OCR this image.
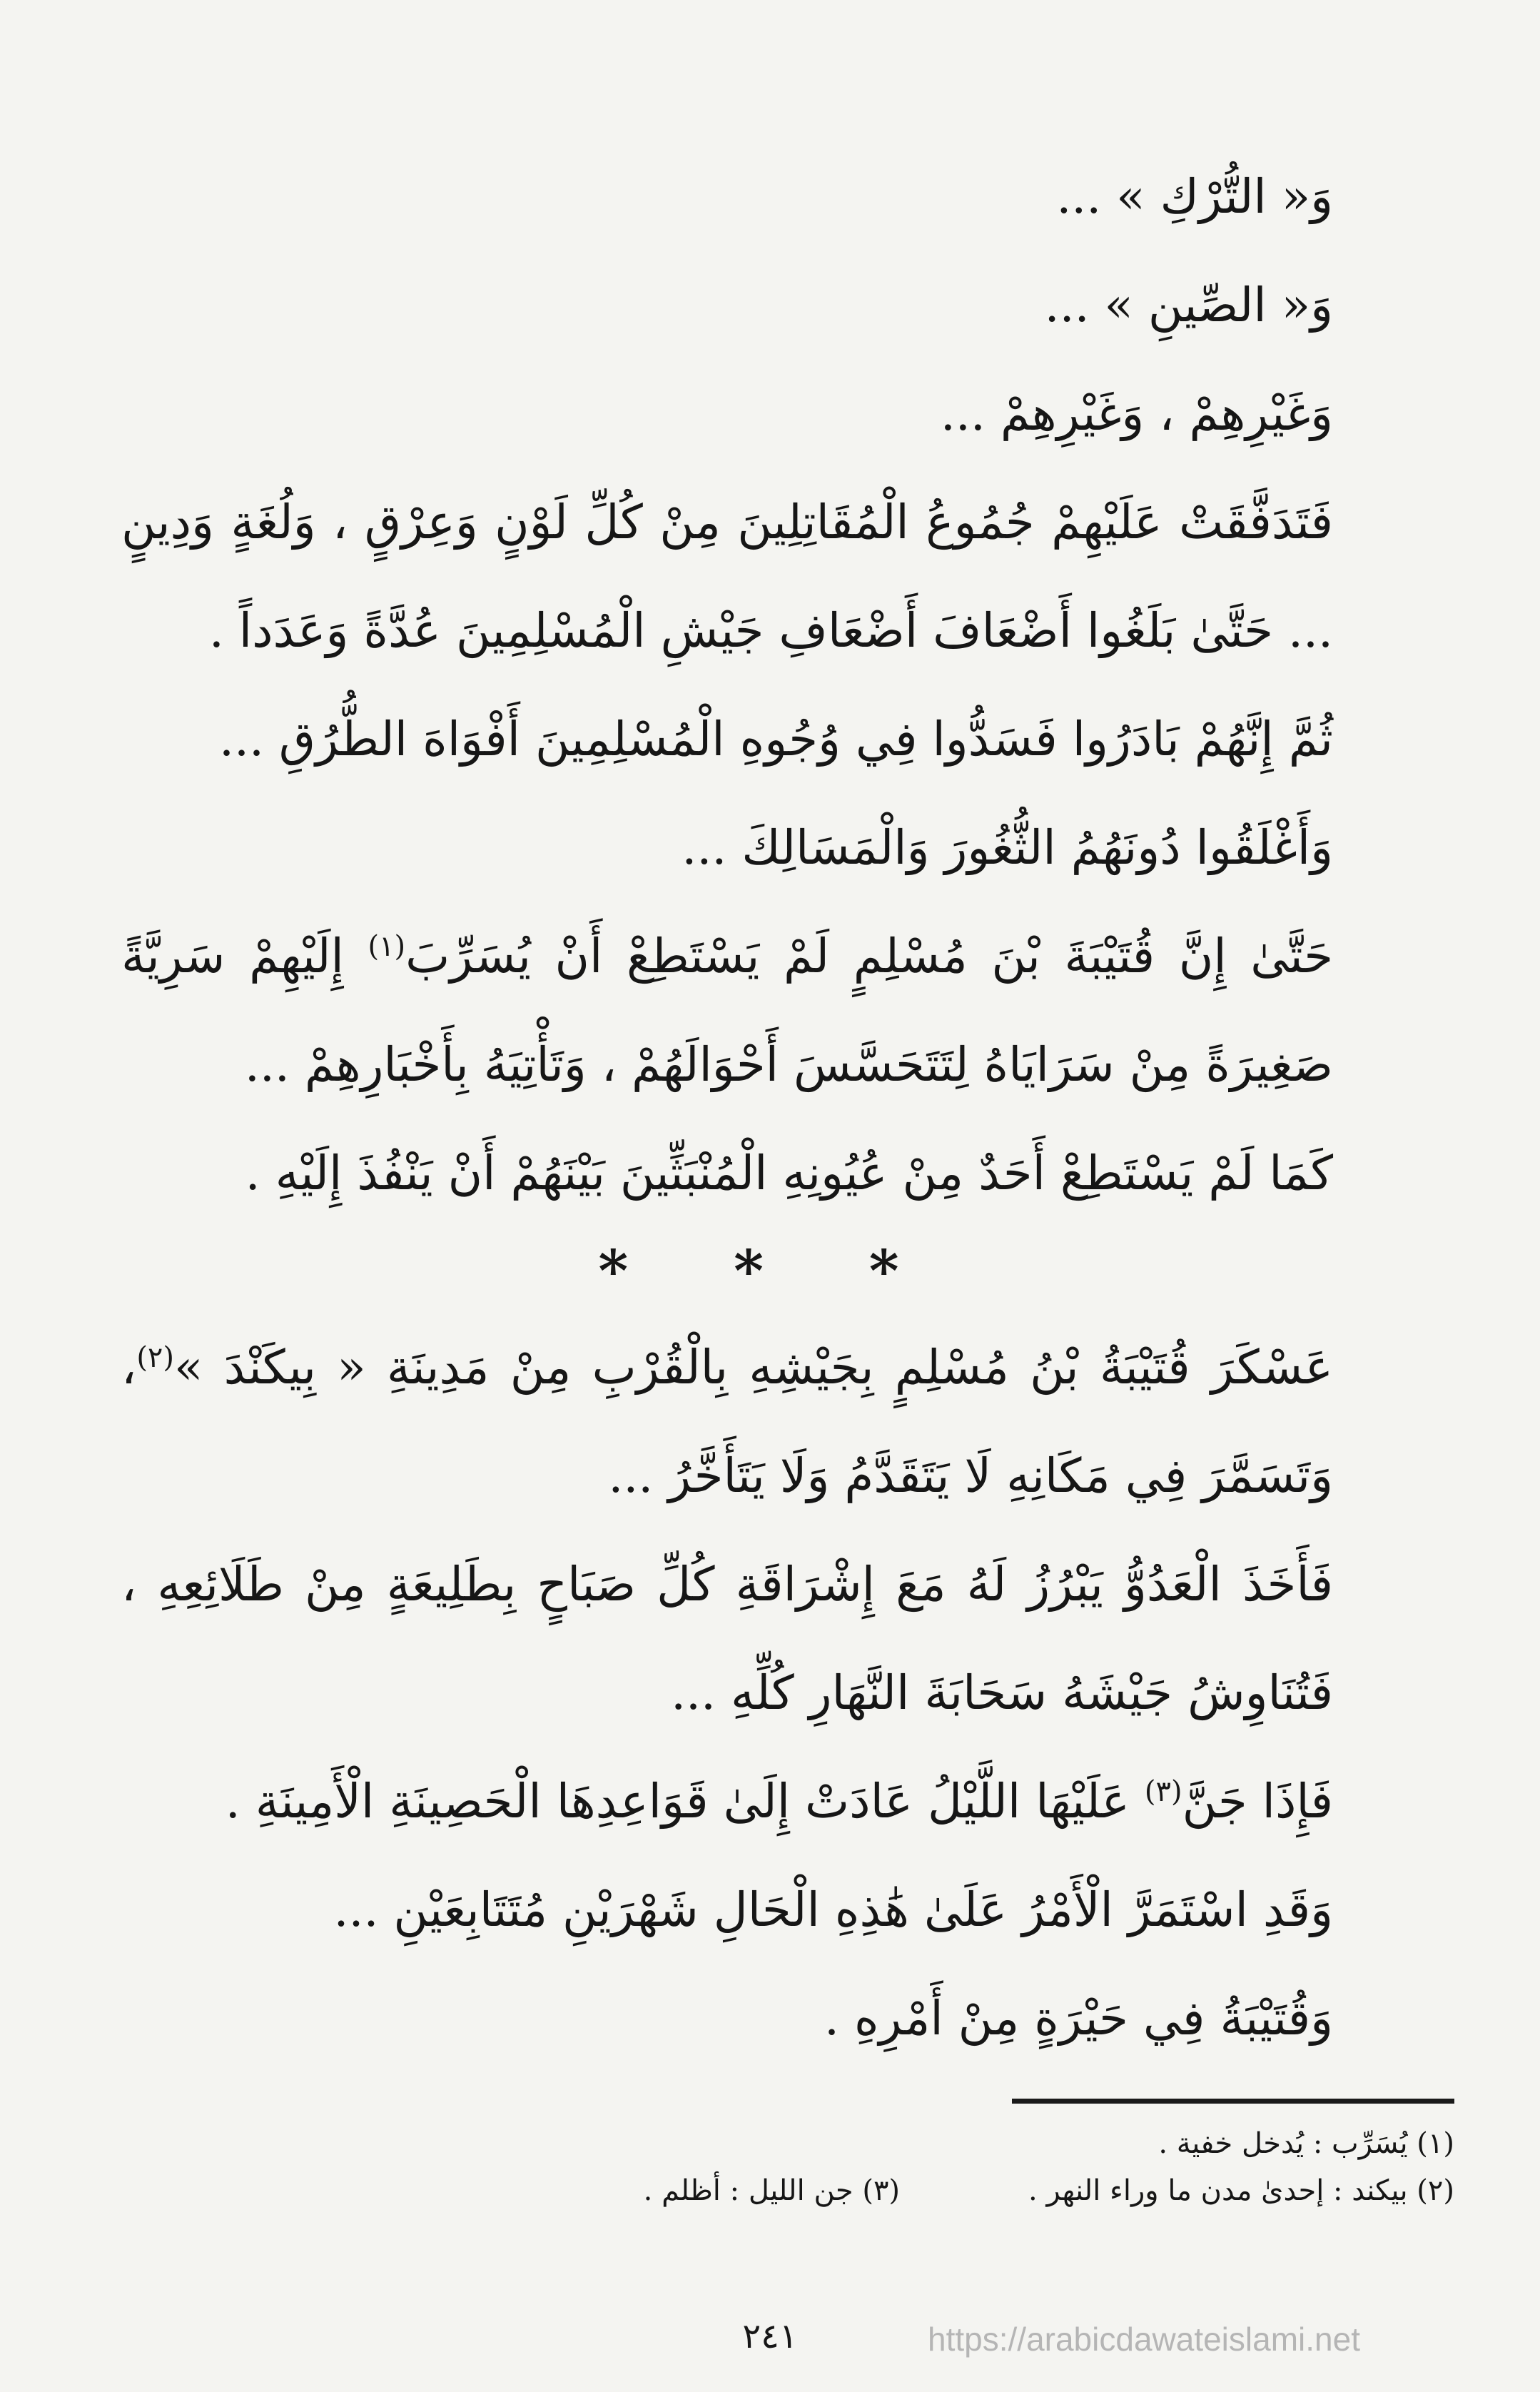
وَ« التُّرْكِ » ...

وَ« الصِّينِ » ...

وَغَيْرِهِمْ ، وَغَيْرِهِمْ ...

فَتَدَفَّقَتْ عَلَيْهِمْ جُمُوعُ الْمُقَاتِلِينَ مِنْ كُلِّ لَوْنٍ وَعِرْقٍ ، وَلُغَةٍ وَدِينٍ ... حَتَّىٰ بَلَغُوا أَضْعَافَ أَضْعَافِ جَيْشِ الْمُسْلِمِينَ عُدَّةً وَعَدَداً .

ثُمَّ إِنَّهُمْ بَادَرُوا فَسَدُّوا فِي وُجُوهِ الْمُسْلِمِينَ أَفْوَاهَ الطُّرُقِ ...

وَأَغْلَقُوا دُونَهُمُ الثُّغُورَ وَالْمَسَالِكَ ...

حَتَّىٰ إِنَّ قُتَيْبَةَ بْنَ مُسْلِمٍ لَمْ يَسْتَطِعْ أَنْ يُسَرِّبَ$^{(١)}$ إِلَيْهِمْ سَرِيَّةً صَغِيرَةً مِنْ سَرَايَاهُ لِتَتَحَسَّسَ أَحْوَالَهُمْ ، وَتَأْتِيَهُ بِأَخْبَارِهِمْ ...

كَمَا لَمْ يَسْتَطِعْ أَحَدٌ مِنْ عُيُونِهِ الْمُنْبَثِّينَ بَيْنَهُمْ أَنْ يَنْفُذَ إِلَيْهِ .

* * *

عَسْكَرَ قُتَيْبَةُ بْنُ مُسْلِمٍ بِجَيْشِهِ بِالْقُرْبِ مِنْ مَدِينَةِ « بِيكَنْدَ »$^{(٢)}$، وَتَسَمَّرَ فِي مَكَانِهِ لَا يَتَقَدَّمُ وَلَا يَتَأَخَّرُ ...

فَأَخَذَ الْعَدُوُّ يَبْرُزُ لَهُ مَعَ إِشْرَاقَةِ كُلِّ صَبَاحٍ بِطَلِيعَةٍ مِنْ طَلَائِعِهِ ، فَتُنَاوِشُ جَيْشَهُ سَحَابَةَ النَّهَارِ كُلِّهِ ...

فَإِذَا جَنَّ$^{(٣)}$ عَلَيْهَا اللَّيْلُ عَادَتْ إِلَىٰ قَوَاعِدِهَا الْحَصِينَةِ الْأَمِينَةِ .

وَقَدِ اسْتَمَرَّ الْأَمْرُ عَلَىٰ هَٰذِهِ الْحَالِ شَهْرَيْنِ مُتَتَابِعَيْنِ ...

وَقُتَيْبَةُ فِي حَيْرَةٍ مِنْ أَمْرِهِ .

(١) يُسَرِّب : يُدخل خفية .

(٢) بيكند : إحدىٰ مدن ما وراء النهر .
(٣) جن الليل : أظلم .

٢٤١	https://arabicdawateislami.net
